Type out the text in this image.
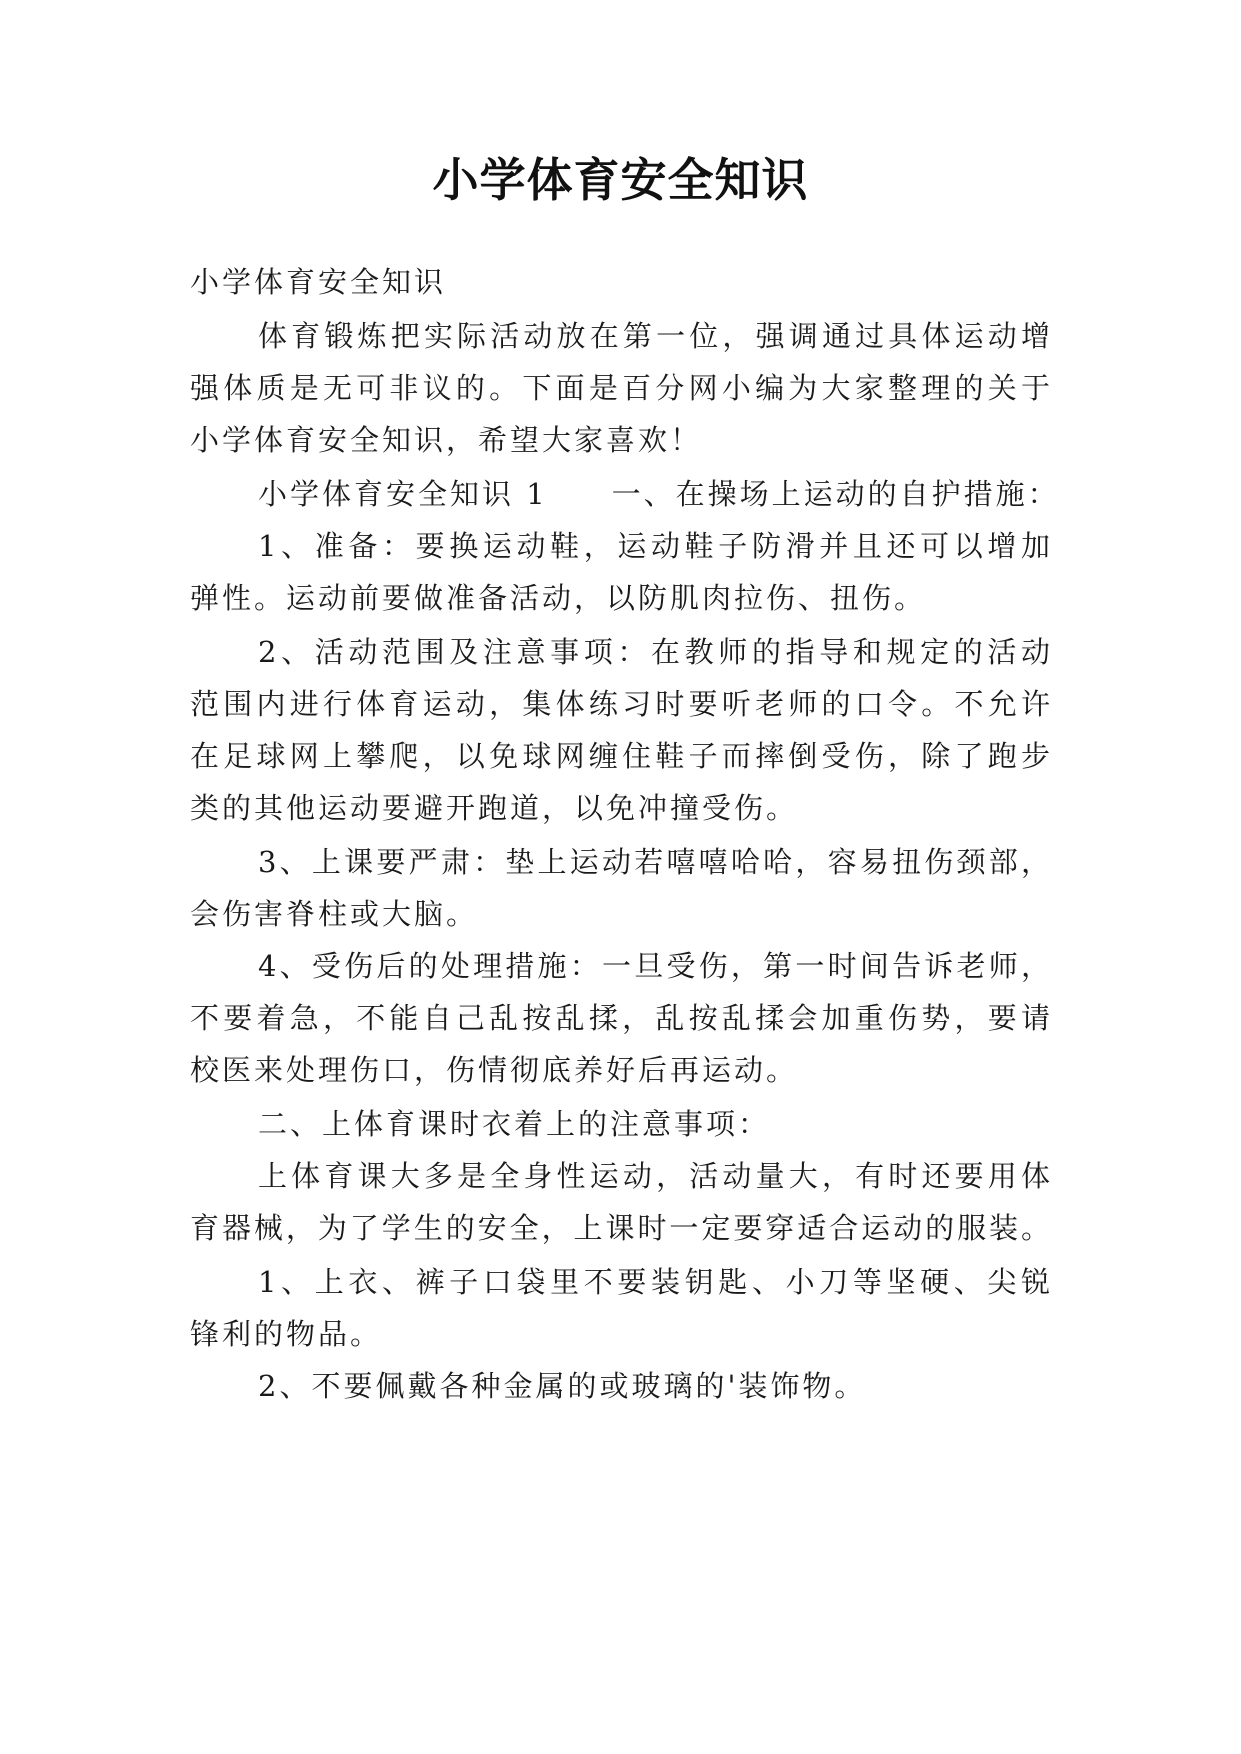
小学体育安全知识

小学体育安全知识

体育锻炼把实际活动放在第一位，强调通过具体运动增

强体质是无可非议的。下面是百分网小编为大家整理的关于

小学体育安全知识，希望大家喜欢！

小学体育安全知识 1　　一、在操场上运动的自护措施：

1、准备：要换运动鞋，运动鞋子防滑并且还可以增加

弹性。运动前要做准备活动，以防肌肉拉伤、扭伤。

2、活动范围及注意事项：在教师的指导和规定的活动

范围内进行体育运动，集体练习时要听老师的口令。不允许

在足球网上攀爬，以免球网缠住鞋子而摔倒受伤，除了跑步

类的其他运动要避开跑道，以免冲撞受伤。

3、上课要严肃：垫上运动若嘻嘻哈哈，容易扭伤颈部，

会伤害脊柱或大脑。

4、受伤后的处理措施：一旦受伤，第一时间告诉老师，

不要着急，不能自己乱按乱揉，乱按乱揉会加重伤势，要请

校医来处理伤口，伤情彻底养好后再运动。

二、上体育课时衣着上的注意事项：

上体育课大多是全身性运动，活动量大，有时还要用体

育器械，为了学生的安全，上课时一定要穿适合运动的服装。

1、上衣、裤子口袋里不要装钥匙、小刀等坚硬、尖锐

锋利的物品。

2、不要佩戴各种金属的或玻璃的'装饰物。
